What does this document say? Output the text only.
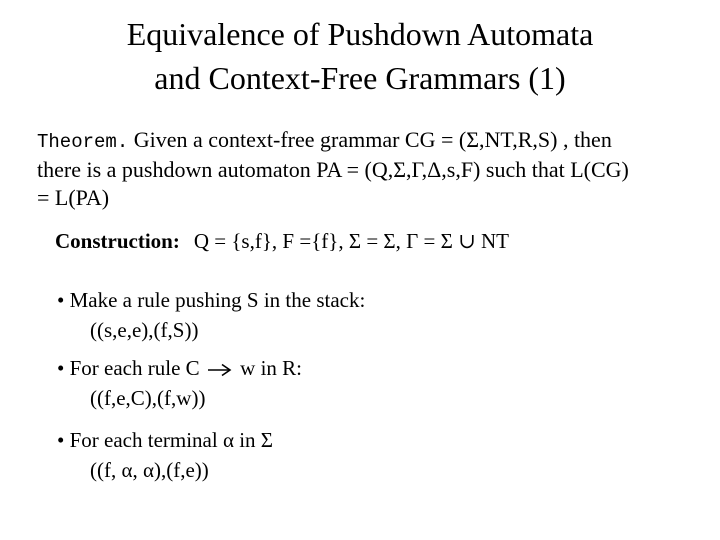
Equivalence of Pushdown Automata
and Context-Free Grammars (1)
Theorem. Given a context-free grammar CG = (Σ,NT,R,S) , then
there is a pushdown automaton PA = (Q,Σ,Γ,Δ,s,F) such that L(CG)
= L(PA)
Construction: Q = {s,f}, F ={f}, Σ = Σ, Γ = Σ ∪ NT
• Make a rule pushing S in the stack:
((s,e,e),(f,S))
• For each rule C w in R:
((f,e,C),(f,w))
• For each terminal α in Σ
((f, α, α),(f,e))
